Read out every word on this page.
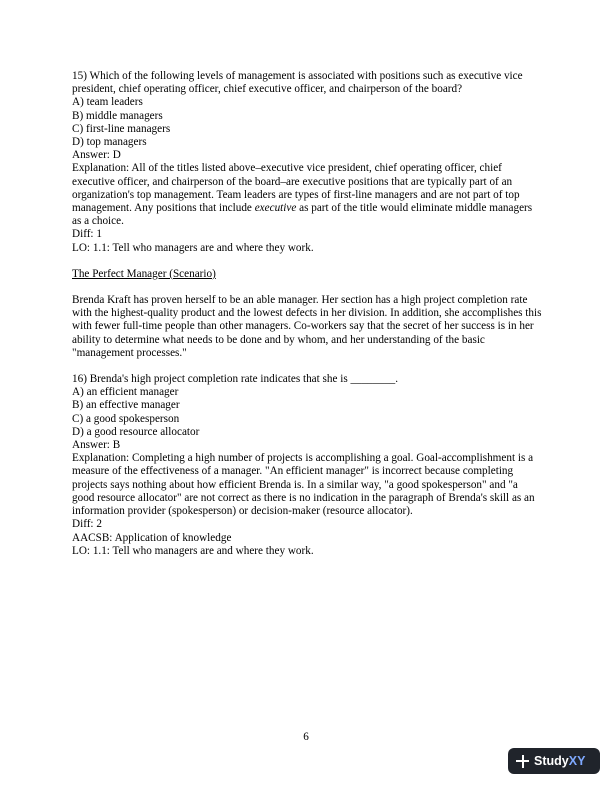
15) Which of the following levels of management is associated with positions such as executive vice president, chief operating officer, chief executive officer, and chairperson of the board?

A) team leaders

B) middle managers

C) first-line managers

D) top managers

Answer: D

Explanation: All of the titles listed above–executive vice president, chief operating officer, chief executive officer, and chairperson of the board–are executive positions that are typically part of an organization's top management. Team leaders are types of first-line managers and are not part of top management. Any positions that include executive as part of the title would eliminate middle managers as a choice.

Diff: 1

LO: 1.1: Tell who managers are and where they work.

The Perfect Manager (Scenario)

Brenda Kraft has proven herself to be an able manager. Her section has a high project completion rate with the highest-quality product and the lowest defects in her division. In addition, she accomplishes this with fewer full-time people than other managers. Co-workers say that the secret of her success is in her ability to determine what needs to be done and by whom, and her understanding of the basic "management processes."

16) Brenda's high project completion rate indicates that she is ________.

A) an efficient manager

B) an effective manager

C) a good spokesperson

D) a good resource allocator

Answer: B

Explanation: Completing a high number of projects is accomplishing a goal. Goal-accomplishment is a measure of the effectiveness of a manager. "An efficient manager" is incorrect because completing projects says nothing about how efficient Brenda is. In a similar way, "a good spokesperson" and "a good resource allocator" are not correct as there is no indication in the paragraph of Brenda's skill as an information provider (spokesperson) or decision-maker (resource allocator).

Diff: 2

AACSB: Application of knowledge

LO: 1.1: Tell who managers are and where they work.

6
Study XY
